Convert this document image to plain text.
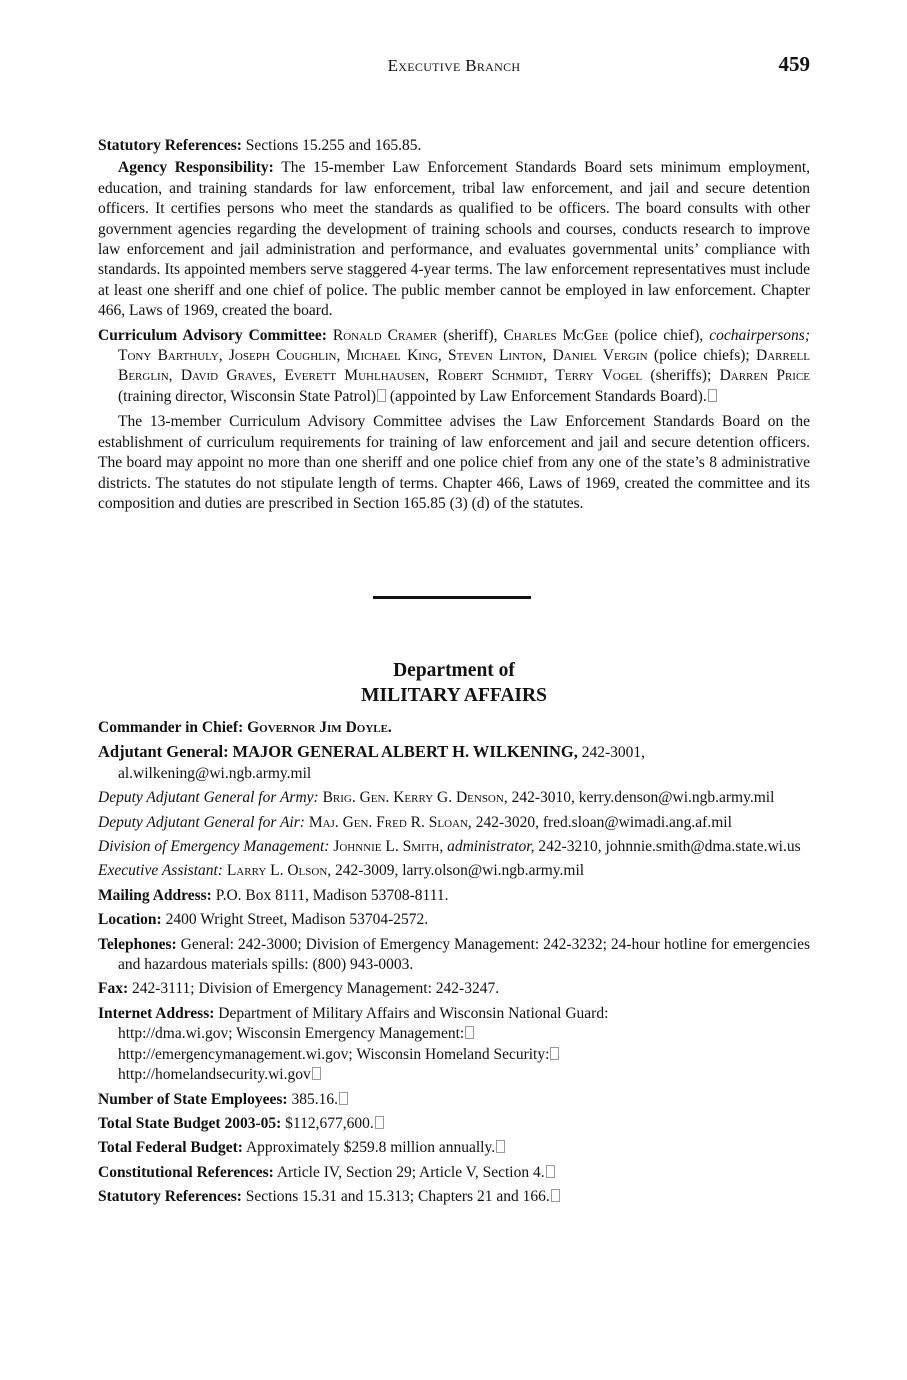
Executive Branch	459

Statutory References: Sections 15.255 and 165.85.

Agency Responsibility: The 15-member Law Enforcement Standards Board sets minimum employment, education, and training standards for law enforcement, tribal law enforcement, and jail and secure detention officers. It certifies persons who meet the standards as qualified to be officers. The board consults with other government agencies regarding the development of training schools and courses, conducts research to improve law enforcement and jail administration and performance, and evaluates governmental units’ compliance with standards. Its appointed members serve staggered 4-year terms. The law enforcement representatives must include at least one sheriff and one chief of police. The public member cannot be employed in law enforcement. Chapter 466, Laws of 1969, created the board.

Curriculum Advisory Committee: Ronald Cramer (sheriff), Charles McGee (police chief), cochairpersons; Tony Barthuly, Joseph Coughlin, Michael King, Steven Linton, Daniel Vergin (police chiefs); Darrell Berglin, David Graves, Everett Muhlhausen, Robert Schmidt, Terry Vogel (sheriffs); Darren Price (training director, Wisconsin State Patrol) (appointed by Law Enforcement Standards Board).

The 13-member Curriculum Advisory Committee advises the Law Enforcement Standards Board on the establishment of curriculum requirements for training of law enforcement and jail and secure detention officers. The board may appoint no more than one sheriff and one police chief from any one of the state’s 8 administrative districts. The statutes do not stipulate length of terms. Chapter 466, Laws of 1969, created the committee and its composition and duties are prescribed in Section 165.85 (3) (d) of the statutes.

Department of
MILITARY AFFAIRS

Commander in Chief: Governor Jim Doyle.

Adjutant General: MAJOR GENERAL ALBERT H. WILKENING, 242-3001, al.wilkening@wi.ngb.army.mil

Deputy Adjutant General for Army: Brig. Gen. Kerry G. Denson, 242-3010, kerry.denson@wi.ngb.army.mil

Deputy Adjutant General for Air: Maj. Gen. Fred R. Sloan, 242-3020, fred.sloan@wimadi.ang.af.mil

Division of Emergency Management: Johnnie L. Smith, administrator, 242-3210, johnnie.smith@dma.state.wi.us

Executive Assistant: Larry L. Olson, 242-3009, larry.olson@wi.ngb.army.mil

Mailing Address: P.O. Box 8111, Madison 53708-8111.

Location: 2400 Wright Street, Madison 53704-2572.

Telephones: General: 242-3000; Division of Emergency Management: 242-3232; 24-hour hotline for emergencies and hazardous materials spills: (800) 943-0003.

Fax: 242-3111; Division of Emergency Management: 242-3247.

Internet Address: Department of Military Affairs and Wisconsin National Guard:
http://dma.wi.gov; Wisconsin Emergency Management:
http://emergencymanagement.wi.gov; Wisconsin Homeland Security:
http://homelandsecurity.wi.gov

Number of State Employees: 385.16.

Total State Budget 2003-05: $112,677,600.

Total Federal Budget: Approximately $259.8 million annually.

Constitutional References: Article IV, Section 29; Article V, Section 4.

Statutory References: Sections 15.31 and 15.313; Chapters 21 and 166.
